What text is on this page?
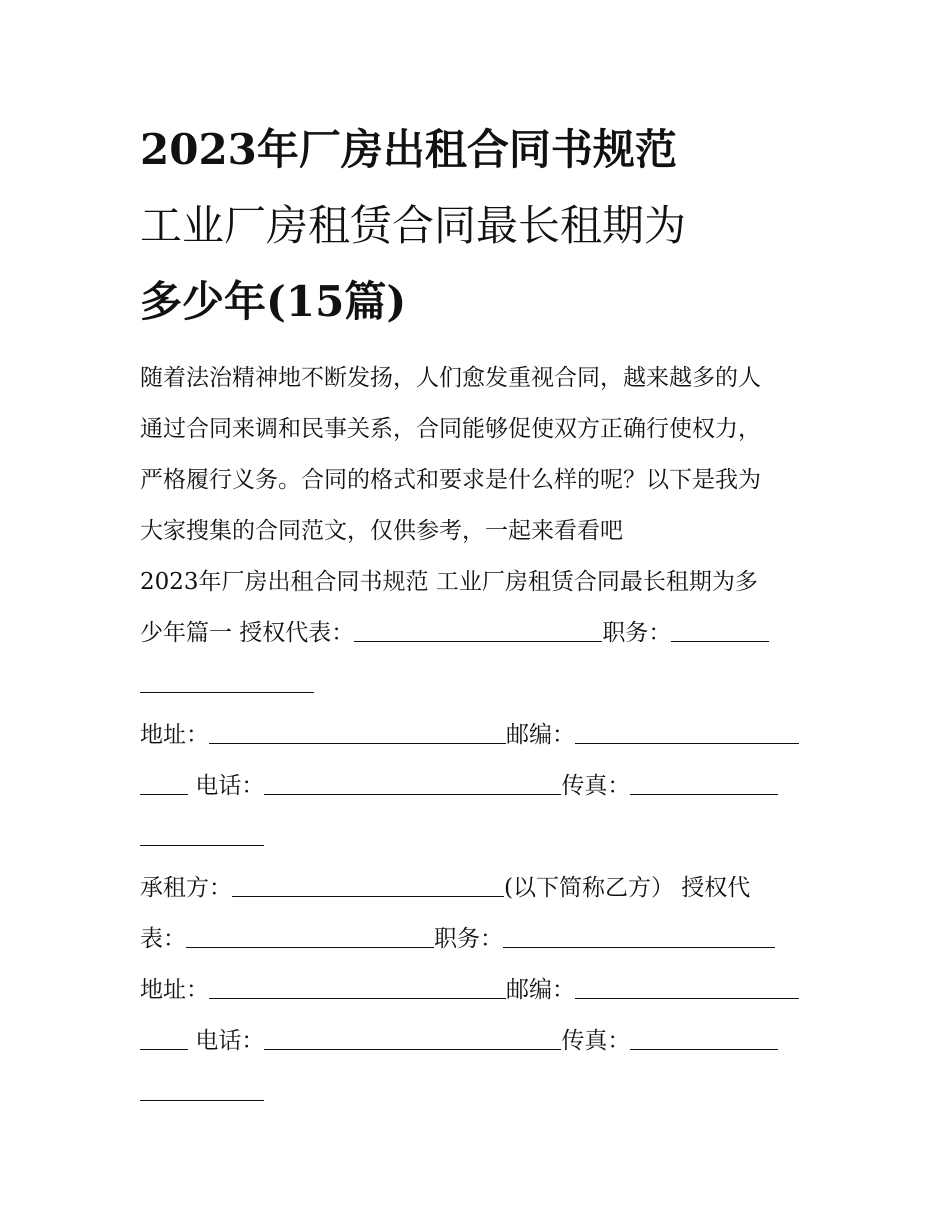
2023年厂房出租合同书规范
工业厂房租赁合同最长租期为
多少年(15篇)
随着法治精神地不断发扬，人们愈发重视合同，越来越多的人
通过合同来调和民事关系，合同能够促使双方正确行使权力，
严格履行义务。合同的格式和要求是什么样的呢？以下是我为
大家搜集的合同范文，仅供参考，一起来看看吧
2023年厂房出租合同书规范 工业厂房租赁合同最长租期为多
少年篇一 授权代表：	职务：
地址：	邮编：
电话：	传真：
承租方：	(以下简称乙方） 授权代
表：	职务：
地址：	邮编：
电话：	传真：
